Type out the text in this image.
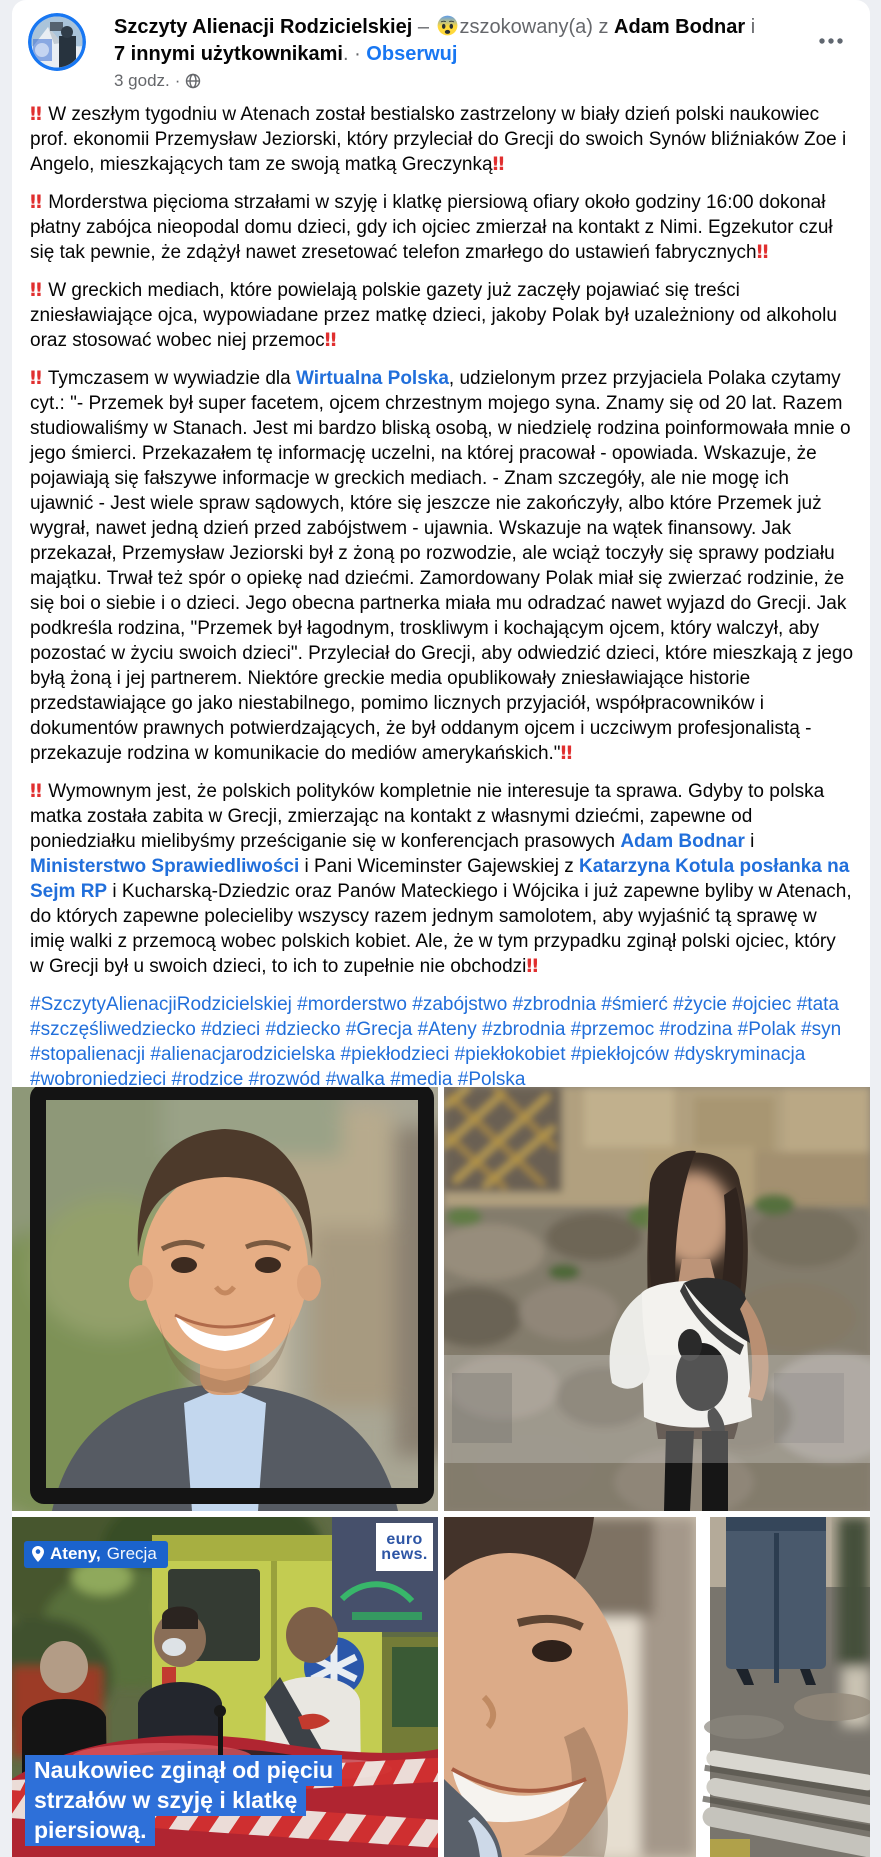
Szczyty Alienacji Rodzicielskiej –
zszokowany(a) z Adam Bodnar i
7 innymi użytkownikami. · Obserwuj
3 godz. ·

‼ W zeszłym tygodniu w Atenach został bestialsko zastrzelony w biały dzień polski naukowiec prof. ekonomii Przemysław Jeziorski, który przyleciał do Grecji do swoich Synów bliźniaków Zoe i Angelo, mieszkających tam ze swoją matką Greczynką‼

‼ Morderstwa pięcioma strzałami w szyję i klatkę piersiową ofiary około godziny 16:00 dokonał płatny zabójca nieopodal domu dzieci, gdy ich ojciec zmierzał na kontakt z Nimi. Egzekutor czuł się tak pewnie, że zdążył nawet zresetować telefon zmarłego do ustawień fabrycznych‼

‼ W greckich mediach, które powielają polskie gazety już zaczęły pojawiać się treści zniesławiające ojca, wypowiadane przez matkę dzieci, jakoby Polak był uzależniony od alkoholu oraz stosować wobec niej przemoc‼

‼ Tymczasem w wywiadzie dla Wirtualna Polska, udzielonym przez przyjaciela Polaka czytamy cyt.: "- Przemek był super facetem, ojcem chrzestnym mojego syna. Znamy się od 20 lat. Razem studiowaliśmy w Stanach. Jest mi bardzo bliską osobą, w niedzielę rodzina poinformowała mnie o jego śmierci. Przekazałem tę informację uczelni, na której pracował - opowiada. Wskazuje, że pojawiają się fałszywe informacje w greckich mediach. - Znam szczegóły, ale nie mogę ich ujawnić - Jest wiele spraw sądowych, które się jeszcze nie zakończyły, albo które Przemek już wygrał, nawet jedną dzień przed zabójstwem - ujawnia. Wskazuje na wątek finansowy. Jak przekazał, Przemysław Jeziorski był z żoną po rozwodzie, ale wciąż toczyły się sprawy podziału majątku. Trwał też spór o opiekę nad dziećmi. Zamordowany Polak miał się zwierzać rodzinie, że się boi o siebie i o dzieci. Jego obecna partnerka miała mu odradzać nawet wyjazd do Grecji. Jak podkreśla rodzina, "Przemek był łagodnym, troskliwym i kochającym ojcem, który walczył, aby pozostać w życiu swoich dzieci". Przyleciał do Grecji, aby odwiedzić dzieci, które mieszkają z jego byłą żoną i jej partnerem. Niektóre greckie media opublikowały zniesławiające historie przedstawiające go jako niestabilnego, pomimo licznych przyjaciół, współpracowników i dokumentów prawnych potwierdzających, że był oddanym ojcem i uczciwym profesjonalistą - przekazuje rodzina w komunikacie do mediów amerykańskich."‼

‼ Wymownym jest, że polskich polityków kompletnie nie interesuje ta sprawa. Gdyby to polska matka została zabita w Grecji, zmierzając na kontakt z własnymi dziećmi, zapewne od poniedziałku mielibyśmy prześciganie się w konferencjach prasowych Adam Bodnar i Ministerstwo Sprawiedliwości i Pani Wiceminster Gajewskiej z Katarzyna Kotula posłanka na Sejm RP i Kucharską-Dziedzic oraz Panów Mateckiego i Wójcika i już zapewne byliby w Atenach, do których zapewne polecieliby wszyscy razem jednym samolotem, aby wyjaśnić tą sprawę w imię walki z przemocą wobec polskich kobiet. Ale, że w tym przypadku zginął polski ojciec, który w Grecji był u swoich dzieci, to ich to zupełnie nie obchodzi‼

#SzczytyAlienacjiRodzicielskiej #morderstwo #zabójstwo #zbrodnia #śmierć #życie #ojciec #tata #szczęśliwedziecko #dzieci #dziecko #Grecja #Ateny #zbrodnia #przemoc #rodzina #Polak #syn #stopalienacji #alienacjarodzicielska #piekłodzieci #piekłokobiet #piekłojców #dyskryminacja #wobroniedzieci #rodzice #rozwód #walka #media #Polska

Ateny, Grecja
euro
news.
Naukowiec zginął od pięciu
strzałów w szyję i klatkę
piersiową.
